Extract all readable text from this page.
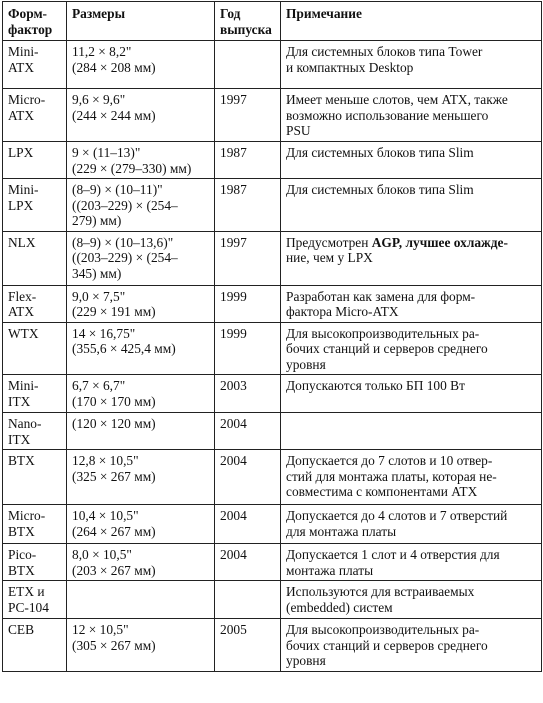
Форм-
фактор	Размеры	Год
выпуска	Примечание

Mini-
ATX	11,2 × 8,2"
(284 × 208 мм)		Для системных блоков типа Tower
и компактных Desktop

Micro-
ATX	9,6 × 9,6"
(244 × 244 мм)	1997	Имеет меньше слотов, чем ATX, также
возможно использование меньшего
PSU

LPX	9 × (11–13)"
(229 × (279–330) мм)	1987	Для системных блоков типа Slim

Mini-
LPX	(8–9) × (10–11)"
((203–229) × (254–
279) мм)	1987	Для системных блоков типа Slim

NLX	(8–9) × (10–13,6)"
((203–229) × (254–
345) мм)	1997	Предусмотрен AGP, лучшее охлажде-
ние, чем у LPX

Flex-
ATX	9,0 × 7,5"
(229 × 191 мм)	1999	Разработан как замена для форм-
фактора Micro-ATX

WTX	14 × 16,75"
(355,6 × 425,4 мм)	1999	Для высокопроизводительных ра-
бочих станций и серверов среднего
уровня

Mini-
ITX	6,7 × 6,7"
(170 × 170 мм)	2003	Допускаются только БП 100 Вт

Nano-
ITX	(120 × 120 мм)	2004	

BTX	12,8 × 10,5"
(325 × 267 мм)	2004	Допускается до 7 слотов и 10 отвер-
стий для монтажа платы, которая не-
совместима с компонентами ATX

Micro-
BTX	10,4 × 10,5"
(264 × 267 мм)	2004	Допускается до 4 слотов и 7 отверстий
для монтажа платы

Pico-
BTX	8,0 × 10,5"
(203 × 267 мм)	2004	Допускается 1 слот и 4 отверстия для
монтажа платы

ETX и
PC-104			Используются для встраиваемых
(embedded) систем

CEB	12 × 10,5"
(305 × 267 мм)	2005	Для высокопроизводительных ра-
бочих станций и серверов среднего
уровня
